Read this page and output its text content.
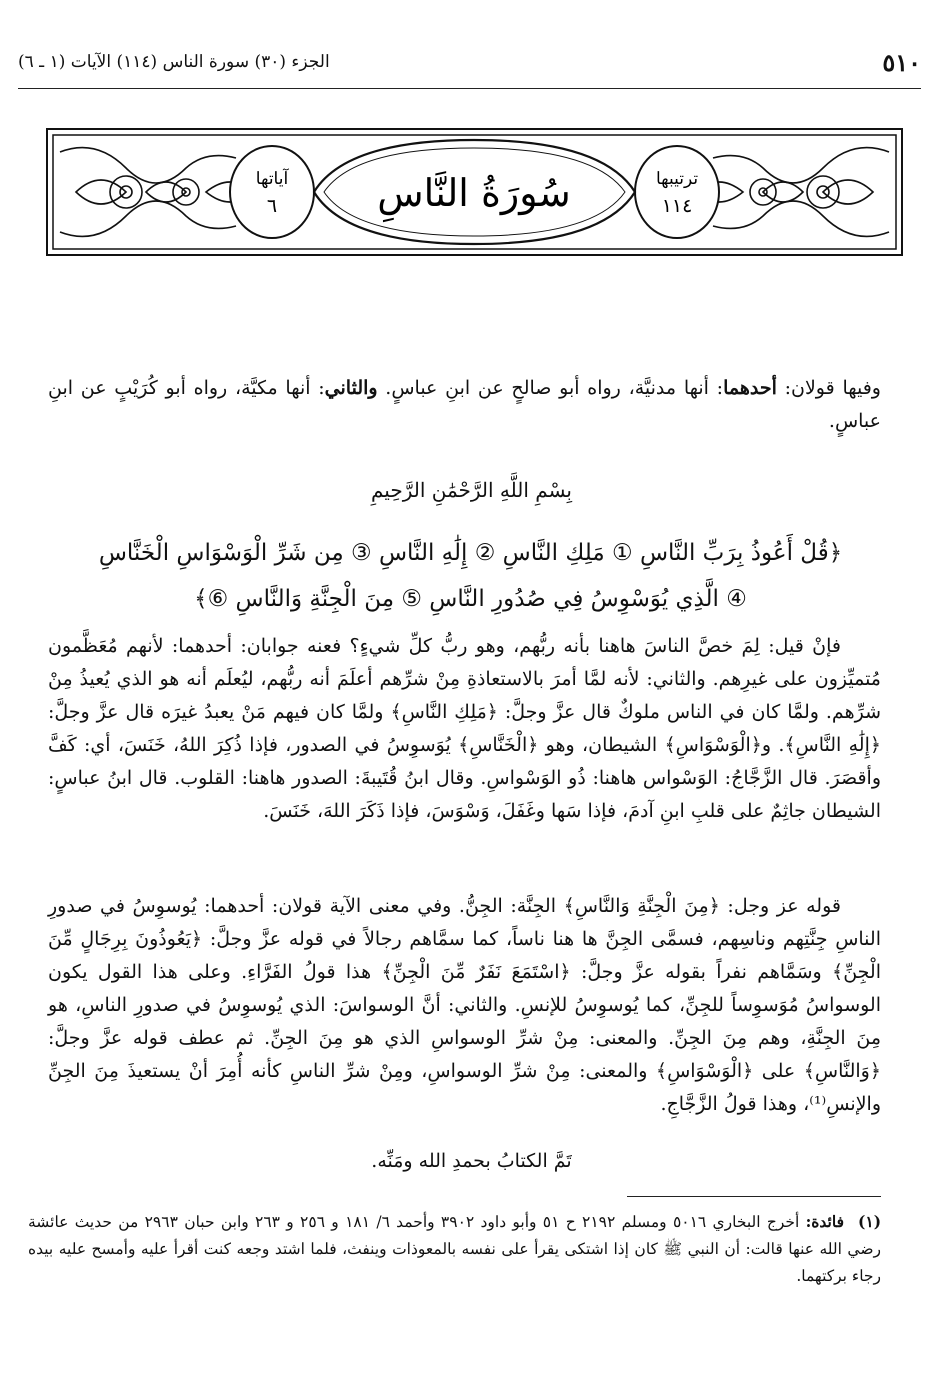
٥١٠
الجزء (٣٠) سورة الناس (١١٤) الآيات (١ ـ ٦)
سُورَةُ النَّاسِ	ترتيبها
١١٤
آياتها
٦
وفيها قولان: أحدهما: أنها مدنيَّة، رواه أبو صالحٍ عن ابنِ عباسٍ. والثاني: أنها مكيَّة، رواه أبو كُرَيْبٍ عن ابنِ عباسٍ.
بِسْمِ اللَّهِ الرَّحْمَٰنِ الرَّحِيمِ
﴿قُلْ أَعُوذُ بِرَبِّ النَّاسِ ① مَلِكِ النَّاسِ ② إِلَٰهِ النَّاسِ ③ مِن شَرِّ الْوَسْوَاسِ الْخَنَّاسِ
④ الَّذِي يُوَسْوِسُ فِي صُدُورِ النَّاسِ ⑤ مِنَ الْجِنَّةِ وَالنَّاسِ ⑥﴾
فإنْ قيل: لِمَ خصَّ الناسَ هاهنا بأنه ربُّهم، وهو ربُّ كلِّ شيءٍ؟ فعنه جوابان: أحدهما: لأنهم مُعَظَّمون مُتميِّزون على غيرِهم. والثاني: لأنه لمَّا أمرَ بالاستعاذةِ مِنْ شرِّهم أعلَمَ أنه ربُّهم، ليُعلَم أنه هو الذي يُعيذُ مِنْ شرِّهم. ولمَّا كان في الناس ملوكٌ قال عزَّ وجلَّ: ﴿مَلِكِ النَّاسِ﴾ ولمَّا كان فيهم مَنْ يعبدُ غيرَه قال عزَّ وجلَّ: ﴿إِلَٰهِ النَّاسِ﴾. و﴿الْوَسْوَاسِ﴾ الشيطان، وهو ﴿الْخَنَّاسِ﴾ يُوَسوِسُ في الصدور، فإذا ذُكِرَ اللهُ، خَنَسَ، أي: كَفَّ وأقصَرَ. قال الزَّجَّاجُ: الوَسْواس هاهنا: ذُو الوَسْواسِ. وقال ابنُ قُتَيبةَ: الصدور هاهنا: القلوب. قال ابنُ عباسٍ: الشيطان جاثِمٌ على قلبِ ابنِ آدمَ، فإذا سَها وغَفَلَ، وَسْوَسَ، فإذا ذَكَرَ اللهَ، خَنَسَ.
قوله عز وجل: ﴿مِنَ الْجِنَّةِ وَالنَّاسِ﴾ الجِنَّة: الجِنُّ. وفي معنى الآية قولان: أحدهما: يُوسوِسُ في صدورِ الناسِ جِنَّتِهم وناسِهم، فسمَّى الجِنَّ ها هنا ناساً، كما سمَّاهم رجالاً في قوله عزَّ وجلَّ: ﴿يَعُوذُونَ بِرِجَالٍ مِّنَ الْجِنِّ﴾ وسَمَّاهم نفراً بقوله عزَّ وجلَّ: ﴿اسْتَمَعَ نَفَرٌ مِّنَ الْجِنِّ﴾ هذا قولُ الفَرَّاءِ. وعلى هذا القول يكون الوسواسُ مُوَسوِساً للجِنِّ، كما يُوسوِسُ للإنسِ. والثاني: أنَّ الوسواسَ: الذي يُوسوِسُ في صدورِ الناسِ، هو مِنَ الجِنَّةِ، وهم مِنَ الجِنِّ. والمعنى: مِنْ شرِّ الوسواسِ الذي هو مِنَ الجِنِّ. ثم عطف قوله عزَّ وجلَّ: ﴿وَالنَّاسِ﴾ على ﴿الْوَسْوَاسِ﴾ والمعنى: مِنْ شرِّ الوسواسِ، ومِنْ شرِّ الناسِ كأنه أُمِرَ أنْ يستعيذَ مِنَ الجِنِّ والإنسِ⁽¹⁾، وهذا قولُ الزَّجَّاجِ.
تَمَّ الكتابُ بحمدِ الله ومَنِّه.
(١)فائدة: أخرج البخاري ٥٠١٦ ومسلم ٢١٩٢ ح ٥١ وأبو داود ٣٩٠٢ وأحمد ٦/ ١٨١ و ٢٥٦ و ٢٦٣ وابن حبان ٢٩٦٣ من حديث عائشة رضي الله عنها قالت: أن النبي ﷺ كان إذا اشتكى يقرأ على نفسه بالمعوذات وينفث، فلما اشتد وجعه كنت أقرأ عليه وأمسح عليه بيده رجاء بركتهما.
